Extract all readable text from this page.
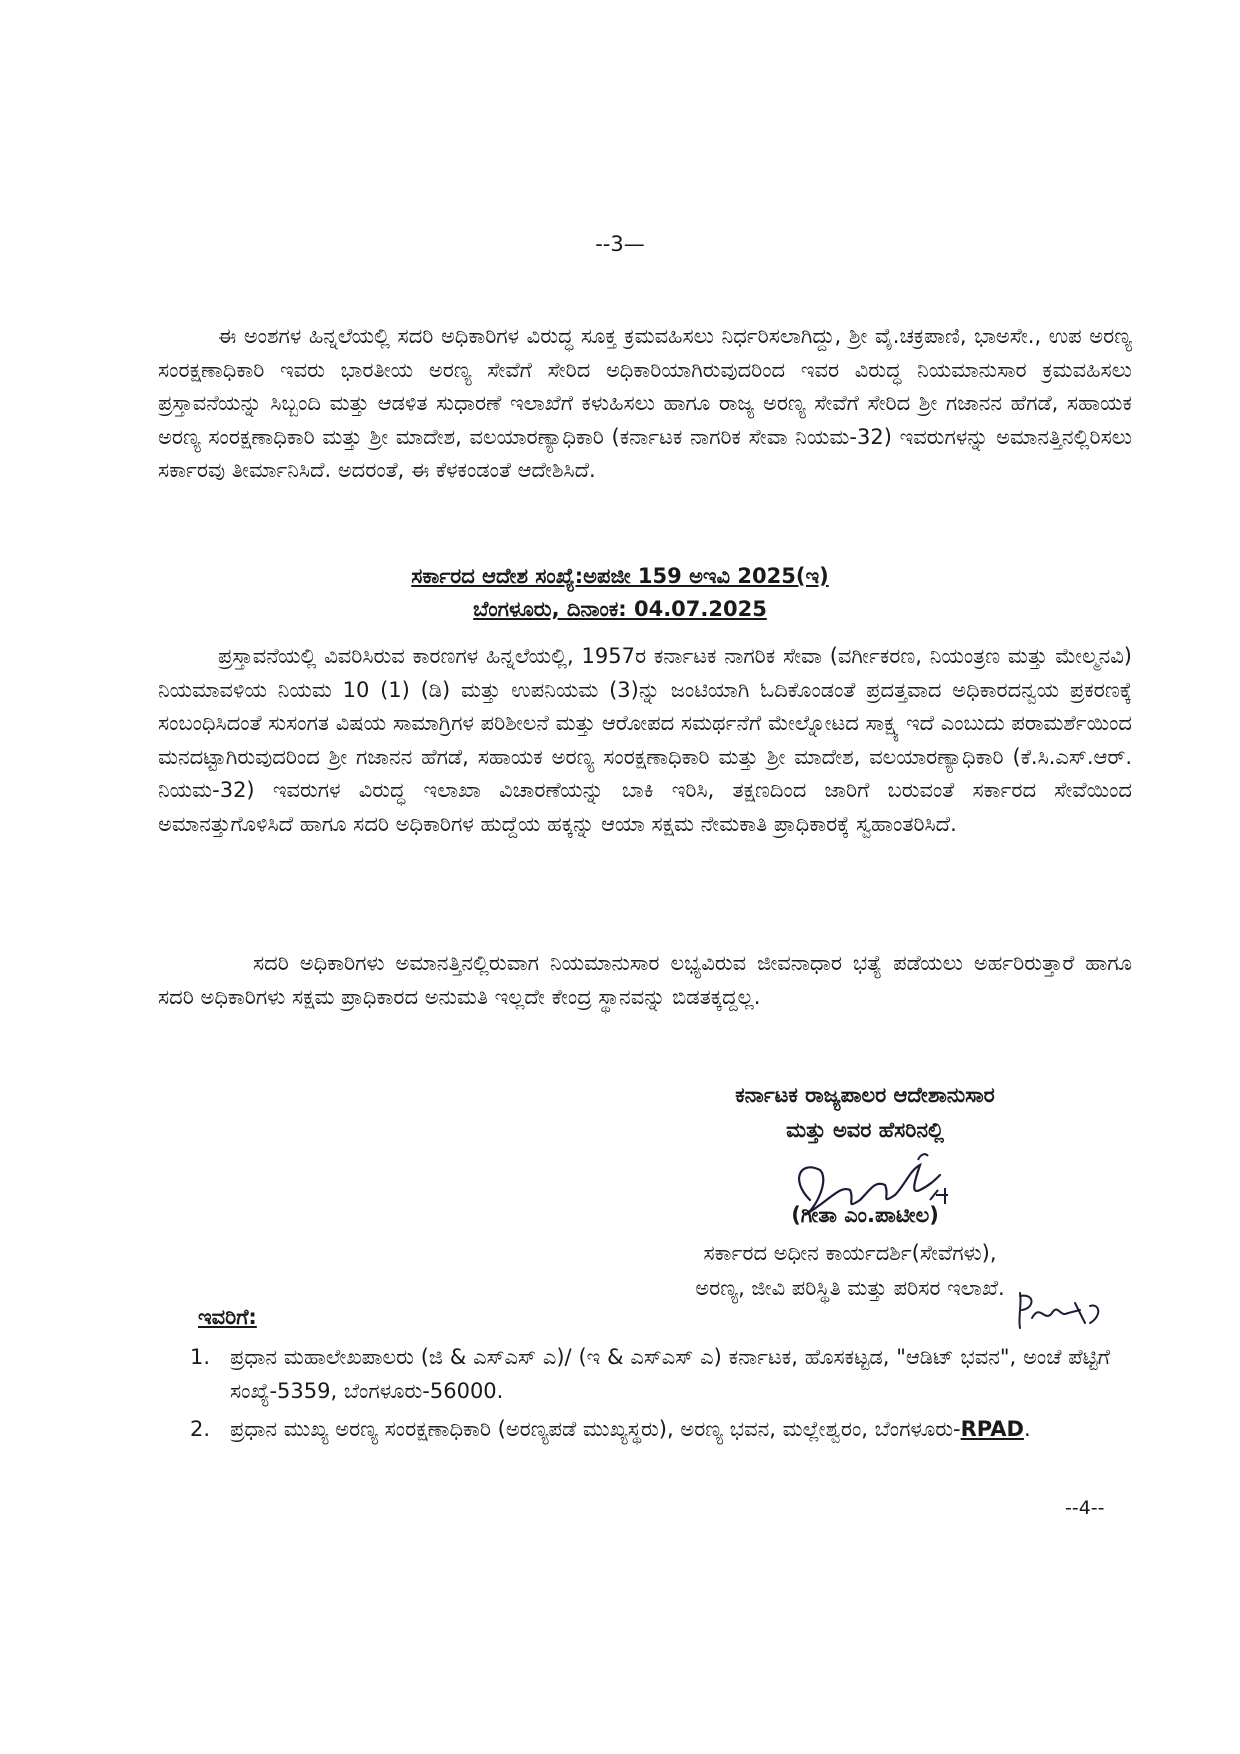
--3—

ಈ ಅಂಶಗಳ ಹಿನ್ನಲೆಯಲ್ಲಿ ಸದರಿ ಅಧಿಕಾರಿಗಳ ವಿರುದ್ಧ ಸೂಕ್ತ ಕ್ರಮವಹಿಸಲು ನಿರ್ಧರಿಸಲಾಗಿದ್ದು, ಶ್ರೀ ವೈ.ಚಕ್ರಪಾಣಿ, ಭಾಅಸೇ., ಉಪ ಅರಣ್ಯ ಸಂರಕ್ಷಣಾಧಿಕಾರಿ ಇವರು ಭಾರತೀಯ ಅರಣ್ಯ ಸೇವೆಗೆ ಸೇರಿದ ಅಧಿಕಾರಿಯಾಗಿರುವುದರಿಂದ ಇವರ ವಿರುದ್ಧ ನಿಯಮಾನುಸಾರ ಕ್ರಮವಹಿಸಲು ಪ್ರಸ್ತಾವನೆಯನ್ನು ಸಿಬ್ಬಂದಿ ಮತ್ತು ಆಡಳಿತ ಸುಧಾರಣೆ ಇಲಾಖೆಗೆ ಕಳುಹಿಸಲು ಹಾಗೂ ರಾಜ್ಯ ಅರಣ್ಯ ಸೇವೆಗೆ ಸೇರಿದ ಶ್ರೀ ಗಜಾನನ ಹೆಗಡೆ, ಸಹಾಯಕ ಅರಣ್ಯ ಸಂರಕ್ಷಣಾಧಿಕಾರಿ ಮತ್ತು ಶ್ರೀ ಮಾದೇಶ, ವಲಯಾರಣ್ಯಾಧಿಕಾರಿ (ಕರ್ನಾಟಕ ನಾಗರಿಕ ಸೇವಾ ನಿಯಮ-32) ಇವರುಗಳನ್ನು ಅಮಾನತ್ತಿನಲ್ಲಿರಿಸಲು ಸರ್ಕಾರವು ತೀರ್ಮಾನಿಸಿದೆ. ಅದರಂತೆ, ಈ ಕೆಳಕಂಡಂತೆ ಆದೇಶಿಸಿದೆ.

ಸರ್ಕಾರದ ಆದೇಶ ಸಂಖ್ಯೆ:ಅಪಜೀ 159 ಅಇವಿ 2025(ಇ)
ಬೆಂಗಳೂರು, ದಿನಾಂಕ: 04.07.2025

ಪ್ರಸ್ತಾವನೆಯಲ್ಲಿ ವಿವರಿಸಿರುವ ಕಾರಣಗಳ ಹಿನ್ನಲೆಯಲ್ಲಿ, 1957ರ ಕರ್ನಾಟಕ ನಾಗರಿಕ ಸೇವಾ (ವರ್ಗೀಕರಣ, ನಿಯಂತ್ರಣ ಮತ್ತು ಮೇಲ್ಮನವಿ) ನಿಯಮಾವಳಿಯ ನಿಯಮ 10 (1) (ಡಿ) ಮತ್ತು ಉಪನಿಯಮ (3)ನ್ನು ಜಂಟಿಯಾಗಿ ಓದಿಕೊಂಡಂತೆ ಪ್ರದತ್ತವಾದ ಅಧಿಕಾರದನ್ವಯ ಪ್ರಕರಣಕ್ಕೆ ಸಂಬಂಧಿಸಿದಂತೆ ಸುಸಂಗತ ವಿಷಯ ಸಾಮಾಗ್ರಿಗಳ ಪರಿಶೀಲನೆ ಮತ್ತು ಆರೋಪದ ಸಮರ್ಥನೆಗೆ ಮೇಲ್ನೋಟದ ಸಾಕ್ಷ್ಯ ಇದೆ ಎಂಬುದು ಪರಾಮರ್ಶೆಯಿಂದ ಮನದಟ್ಟಾಗಿರುವುದರಿಂದ ಶ್ರೀ ಗಜಾನನ ಹೆಗಡೆ, ಸಹಾಯಕ ಅರಣ್ಯ ಸಂರಕ್ಷಣಾಧಿಕಾರಿ ಮತ್ತು ಶ್ರೀ ಮಾದೇಶ, ವಲಯಾರಣ್ಯಾಧಿಕಾರಿ (ಕೆ.ಸಿ.ಎಸ್.ಆರ್. ನಿಯಮ-32) ಇವರುಗಳ ವಿರುದ್ಧ ಇಲಾಖಾ ವಿಚಾರಣೆಯನ್ನು ಬಾಕಿ ಇರಿಸಿ, ತಕ್ಷಣದಿಂದ ಜಾರಿಗೆ ಬರುವಂತೆ ಸರ್ಕಾರದ ಸೇವೆಯಿಂದ ಅಮಾನತ್ತುಗೊಳಿಸಿದೆ ಹಾಗೂ ಸದರಿ ಅಧಿಕಾರಿಗಳ ಹುದ್ದೆಯ ಹಕ್ಕನ್ನು ಆಯಾ ಸಕ್ಷಮ ನೇಮಕಾತಿ ಪ್ರಾಧಿಕಾರಕ್ಕೆ ಸ್ವಹಾಂತರಿಸಿದೆ.

ಸದರಿ ಅಧಿಕಾರಿಗಳು ಅಮಾನತ್ತಿನಲ್ಲಿರುವಾಗ ನಿಯಮಾನುಸಾರ ಲಭ್ಯವಿರುವ ಜೀವನಾಧಾರ ಭತ್ಯೆ ಪಡೆಯಲು ಅರ್ಹರಿರುತ್ತಾರೆ ಹಾಗೂ ಸದರಿ ಅಧಿಕಾರಿಗಳು ಸಕ್ಷಮ ಪ್ರಾಧಿಕಾರದ ಅನುಮತಿ ಇಲ್ಲದೇ ಕೇಂದ್ರ ಸ್ಥಾನವನ್ನು ಬಿಡತಕ್ಕದ್ದಲ್ಲ.

ಕರ್ನಾಟಕ ರಾಜ್ಯಪಾಲರ ಆದೇಶಾನುಸಾರ
ಮತ್ತು ಅವರ ಹೆಸರಿನಲ್ಲಿ
(ಗೀತಾ ಎಂ.ಪಾಟೀಲ)
ಸರ್ಕಾರದ ಅಧೀನ ಕಾರ್ಯದರ್ಶಿ(ಸೇವೆಗಳು),
ಅರಣ್ಯ, ಜೀವಿ ಪರಿಸ್ಥಿತಿ ಮತ್ತು ಪರಿಸರ ಇಲಾಖೆ.
ಇವರಿಗೆ:
1. ಪ್ರಧಾನ ಮಹಾಲೇಖಪಾಲರು (ಜಿ & ಎಸ್‌ಎಸ್ ಎ)/ (ಇ & ಎಸ್‌ಎಸ್ ಎ) ಕರ್ನಾಟಕ, ಹೊಸಕಟ್ಟಡ, "ಆಡಿಟ್ ಭವನ", ಅಂಚೆ ಪೆಟ್ಟಿಗೆ ಸಂಖ್ಯೆ-5359, ಬೆಂಗಳೂರು-56000.
2. ಪ್ರಧಾನ ಮುಖ್ಯ ಅರಣ್ಯ ಸಂರಕ್ಷಣಾಧಿಕಾರಿ (ಅರಣ್ಯಪಡೆ ಮುಖ್ಯಸ್ಥರು), ಅರಣ್ಯ ಭವನ, ಮಲ್ಲೇಶ್ವರಂ, ಬೆಂಗಳೂರು-RPAD.
--4--
